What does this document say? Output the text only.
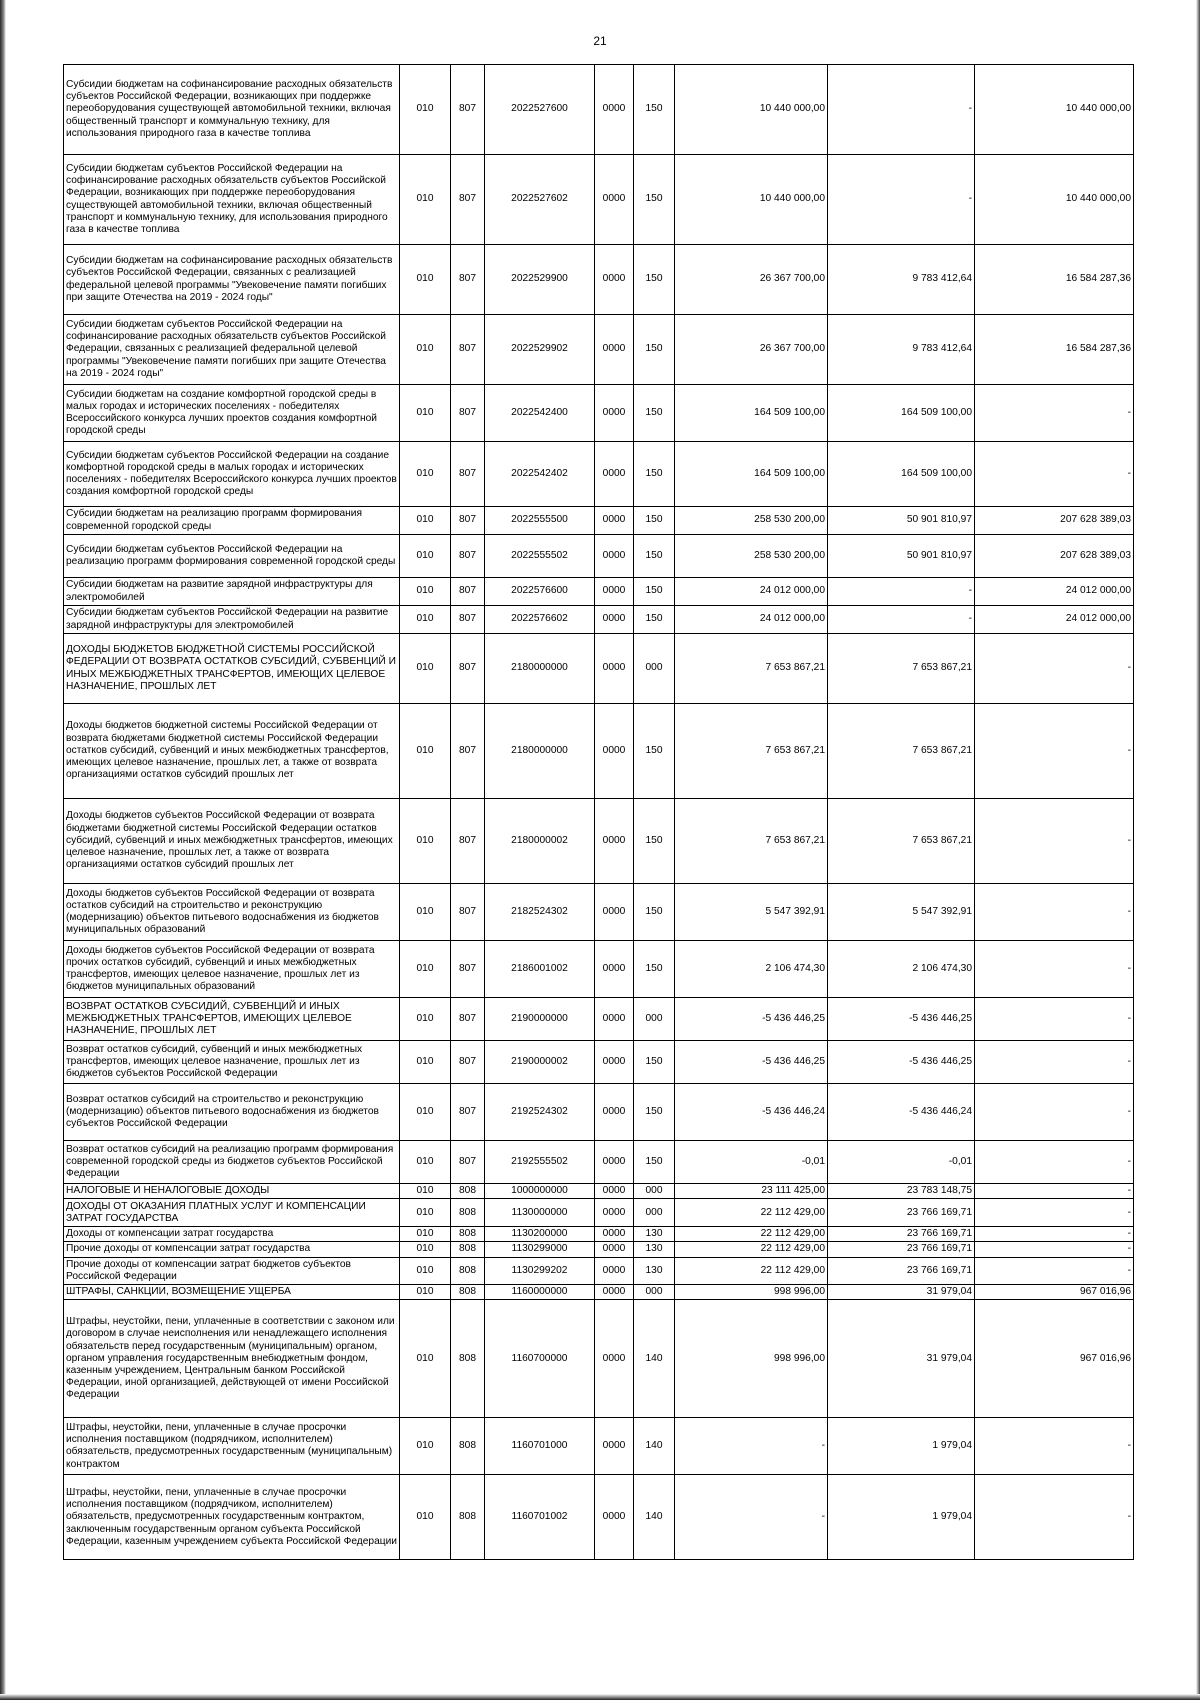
21
Субсидии бюджетам на софинансирование расходных обязательств субъектов Российской Федерации, возникающих при поддержке переоборудования существующей автомобильной техники, включая общественный транспорт и коммунальную технику, для использования природного газа в качестве топлива	010	807	2022527600	0000	150	10 440 000,00	-	10 440 000,00
Субсидии бюджетам субъектов Российской Федерации на софинансирование расходных обязательств субъектов Российской Федерации, возникающих при поддержке переоборудования существующей автомобильной техники, включая общественный транспорт и коммунальную технику, для использования природного газа в качестве топлива	010	807	2022527602	0000	150	10 440 000,00	-	10 440 000,00
Субсидии бюджетам на софинансирование расходных обязательств субъектов Российской Федерации, связанных с реализацией федеральной целевой программы "Увековечение памяти погибших при защите Отечества на 2019 - 2024 годы"	010	807	2022529900	0000	150	26 367 700,00	9 783 412,64	16 584 287,36
Субсидии бюджетам субъектов Российской Федерации на софинансирование расходных обязательств субъектов Российской Федерации, связанных с реализацией федеральной целевой программы "Увековечение памяти погибших при защите Отечества на 2019 - 2024 годы"	010	807	2022529902	0000	150	26 367 700,00	9 783 412,64	16 584 287,36
Субсидии бюджетам на создание комфортной городской среды в малых городах и исторических поселениях - победителях Всероссийского конкурса лучших проектов создания комфортной городской среды	010	807	2022542400	0000	150	164 509 100,00	164 509 100,00	-
Субсидии бюджетам субъектов Российской Федерации на создание комфортной городской среды в малых городах и исторических поселениях - победителях Всероссийского конкурса лучших проектов создания комфортной городской среды	010	807	2022542402	0000	150	164 509 100,00	164 509 100,00	-
Субсидии бюджетам на реализацию программ формирования современной городской среды	010	807	2022555500	0000	150	258 530 200,00	50 901 810,97	207 628 389,03
Субсидии бюджетам субъектов Российской Федерации на реализацию программ формирования современной городской среды	010	807	2022555502	0000	150	258 530 200,00	50 901 810,97	207 628 389,03
Субсидии бюджетам на развитие зарядной инфраструктуры для электромобилей	010	807	2022576600	0000	150	24 012 000,00	-	24 012 000,00
Субсидии бюджетам субъектов Российской Федерации на развитие зарядной инфраструктуры для электромобилей	010	807	2022576602	0000	150	24 012 000,00	-	24 012 000,00
ДОХОДЫ БЮДЖЕТОВ БЮДЖЕТНОЙ СИСТЕМЫ РОССИЙСКОЙ ФЕДЕРАЦИИ ОТ ВОЗВРАТА ОСТАТКОВ СУБСИДИЙ, СУБВЕНЦИЙ И ИНЫХ МЕЖБЮДЖЕТНЫХ ТРАНСФЕРТОВ, ИМЕЮЩИХ ЦЕЛЕВОЕ НАЗНАЧЕНИЕ, ПРОШЛЫХ ЛЕТ	010	807	2180000000	0000	000	7 653 867,21	7 653 867,21	-
Доходы бюджетов бюджетной системы Российской Федерации от возврата бюджетами бюджетной системы Российской Федерации остатков субсидий, субвенций и иных межбюджетных трансфертов, имеющих целевое назначение, прошлых лет, а также от возврата организациями остатков субсидий прошлых лет	010	807	2180000000	0000	150	7 653 867,21	7 653 867,21	-
Доходы бюджетов субъектов Российской Федерации от возврата бюджетами бюджетной системы Российской Федерации остатков субсидий, субвенций и иных межбюджетных трансфертов, имеющих целевое назначение, прошлых лет, а также от возврата организациями остатков субсидий прошлых лет	010	807	2180000002	0000	150	7 653 867,21	7 653 867,21	-
Доходы бюджетов субъектов Российской Федерации от возврата остатков субсидий на строительство и реконструкцию (модернизацию) объектов питьевого водоснабжения из бюджетов муниципальных образований	010	807	2182524302	0000	150	5 547 392,91	5 547 392,91	-
Доходы бюджетов субъектов Российской Федерации от возврата прочих остатков субсидий, субвенций и иных межбюджетных трансфертов, имеющих целевое назначение, прошлых лет из бюджетов муниципальных образований	010	807	2186001002	0000	150	2 106 474,30	2 106 474,30	-
ВОЗВРАТ ОСТАТКОВ СУБСИДИЙ, СУБВЕНЦИЙ И ИНЫХ МЕЖБЮДЖЕТНЫХ ТРАНСФЕРТОВ, ИМЕЮЩИХ ЦЕЛЕВОЕ НАЗНАЧЕНИЕ, ПРОШЛЫХ ЛЕТ	010	807	2190000000	0000	000	-5 436 446,25	-5 436 446,25	-
Возврат остатков субсидий, субвенций и иных межбюджетных трансфертов, имеющих целевое назначение, прошлых лет из бюджетов субъектов Российской Федерации	010	807	2190000002	0000	150	-5 436 446,25	-5 436 446,25	-
Возврат остатков субсидий на строительство и реконструкцию (модернизацию) объектов питьевого водоснабжения из бюджетов субъектов Российской Федерации	010	807	2192524302	0000	150	-5 436 446,24	-5 436 446,24	-
Возврат остатков субсидий на реализацию программ формирования современной городской среды из бюджетов субъектов Российской Федерации	010	807	2192555502	0000	150	-0,01	-0,01	-
НАЛОГОВЫЕ И НЕНАЛОГОВЫЕ ДОХОДЫ	010	808	1000000000	0000	000	23 111 425,00	23 783 148,75	-
ДОХОДЫ ОТ ОКАЗАНИЯ ПЛАТНЫХ УСЛУГ И КОМПЕНСАЦИИ ЗАТРАТ ГОСУДАРСТВА	010	808	1130000000	0000	000	22 112 429,00	23 766 169,71	-
Доходы от компенсации затрат государства	010	808	1130200000	0000	130	22 112 429,00	23 766 169,71	-
Прочие доходы от компенсации затрат государства	010	808	1130299000	0000	130	22 112 429,00	23 766 169,71	-
Прочие доходы от компенсации затрат бюджетов субъектов Российской Федерации	010	808	1130299202	0000	130	22 112 429,00	23 766 169,71	-
ШТРАФЫ, САНКЦИИ, ВОЗМЕЩЕНИЕ УЩЕРБА	010	808	1160000000	0000	000	998 996,00	31 979,04	967 016,96
Штрафы, неустойки, пени, уплаченные в соответствии с законом или договором в случае неисполнения или ненадлежащего исполнения обязательств перед государственным (муниципальным) органом, органом управления государственным внебюджетным фондом, казенным учреждением, Центральным банком Российской Федерации, иной организацией, действующей от имени Российской Федерации	010	808	1160700000	0000	140	998 996,00	31 979,04	967 016,96
Штрафы, неустойки, пени, уплаченные в случае просрочки исполнения поставщиком (подрядчиком, исполнителем) обязательств, предусмотренных государственным (муниципальным) контрактом	010	808	1160701000	0000	140	-	1 979,04	-
Штрафы, неустойки, пени, уплаченные в случае просрочки исполнения поставщиком (подрядчиком, исполнителем) обязательств, предусмотренных государственным контрактом, заключенным государственным органом субъекта Российской Федерации, казенным учреждением субъекта Российской Федерации	010	808	1160701002	0000	140	-	1 979,04	-
